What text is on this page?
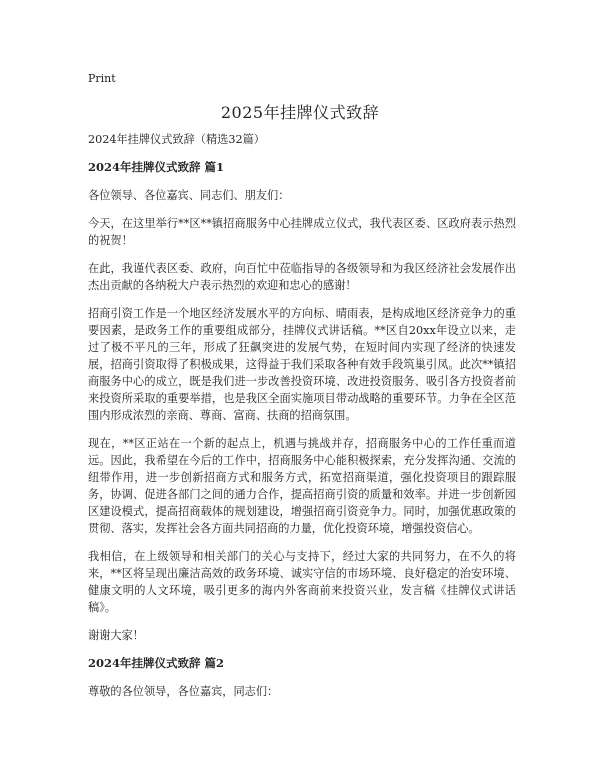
Print
2025年挂牌仪式致辞

2024年挂牌仪式致辞（精选32篇）

2024年挂牌仪式致辞 篇1

各位领导、各位嘉宾、同志们、朋友们：

今天，在这里举行**区**镇招商服务中心挂牌成立仪式，我代表区委、区政府表示热烈的祝贺！

在此，我谨代表区委、政府，向百忙中莅临指导的各级领导和为我区经济社会发展作出杰出贡献的各纳税大户表示热烈的欢迎和忠心的感谢！

招商引资工作是一个地区经济发展水平的方向标、晴雨表，是构成地区经济竞争力的重要因素，是政务工作的重要组成部分，挂牌仪式讲话稿。**区自20xx年设立以来，走过了极不平凡的三年，形成了狂飙突进的发展气势，在短时间内实现了经济的快速发展，招商引资取得了积极成果，这得益于我们采取各种有效手段筑巢引凤。此次**镇招商服务中心的成立，既是我们进一步改善投资环境、改进投资服务、吸引各方投资者前来投资所采取的重要举措，也是我区全面实施项目带动战略的重要环节。力争在全区范围内形成浓烈的亲商、尊商、富商、扶商的招商氛围。

现在，**区正站在一个新的起点上，机遇与挑战并存，招商服务中心的工作任重而道远。因此，我希望在今后的工作中，招商服务中心能积极探索，充分发挥沟通、交流的纽带作用，进一步创新招商方式和服务方式，拓宽招商渠道，强化投资项目的跟踪服务，协调、促进各部门之间的通力合作，提高招商引资的质量和效率。并进一步创新园区建设模式，提高招商载体的规划建设，增强招商引资竞争力。同时，加强优惠政策的贯彻、落实，发挥社会各方面共同招商的力量，优化投资环境，增强投资信心。

我相信，在上级领导和相关部门的关心与支持下，经过大家的共同努力，在不久的将来，**区将呈现出廉洁高效的政务环境、诚实守信的市场环境、良好稳定的治安环境、健康文明的人文环境，吸引更多的海内外客商前来投资兴业，发言稿《挂牌仪式讲话稿》。

谢谢大家！

2024年挂牌仪式致辞 篇2

尊敬的各位领导，各位嘉宾，同志们：
